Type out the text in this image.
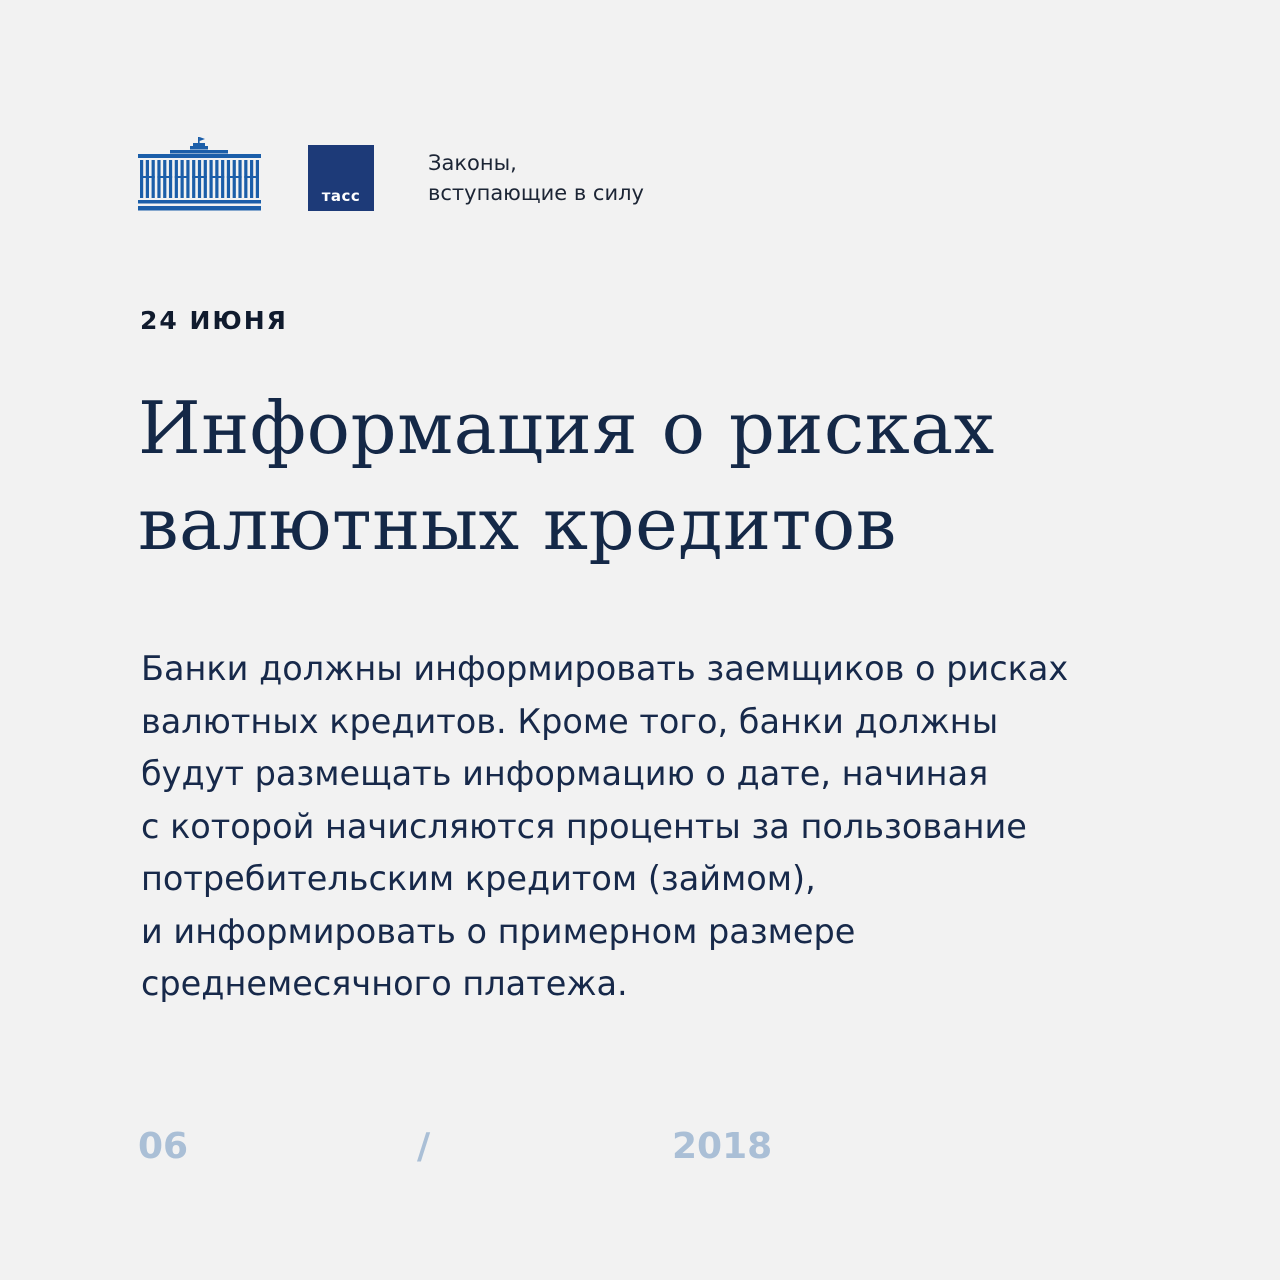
тасс
Законы,
вступающие в силу
24 ИЮНЯ
Информация о рисках
валютных кредитов
Банки должны информировать заемщиков о рисках
валютных кредитов. Кроме того, банки должны
будут размещать информацию о дате, начиная
с которой начисляются проценты за пользование
потребительским кредитом (займом),
и информировать о примерном размере
среднемесячного платежа.
06	/	2018
